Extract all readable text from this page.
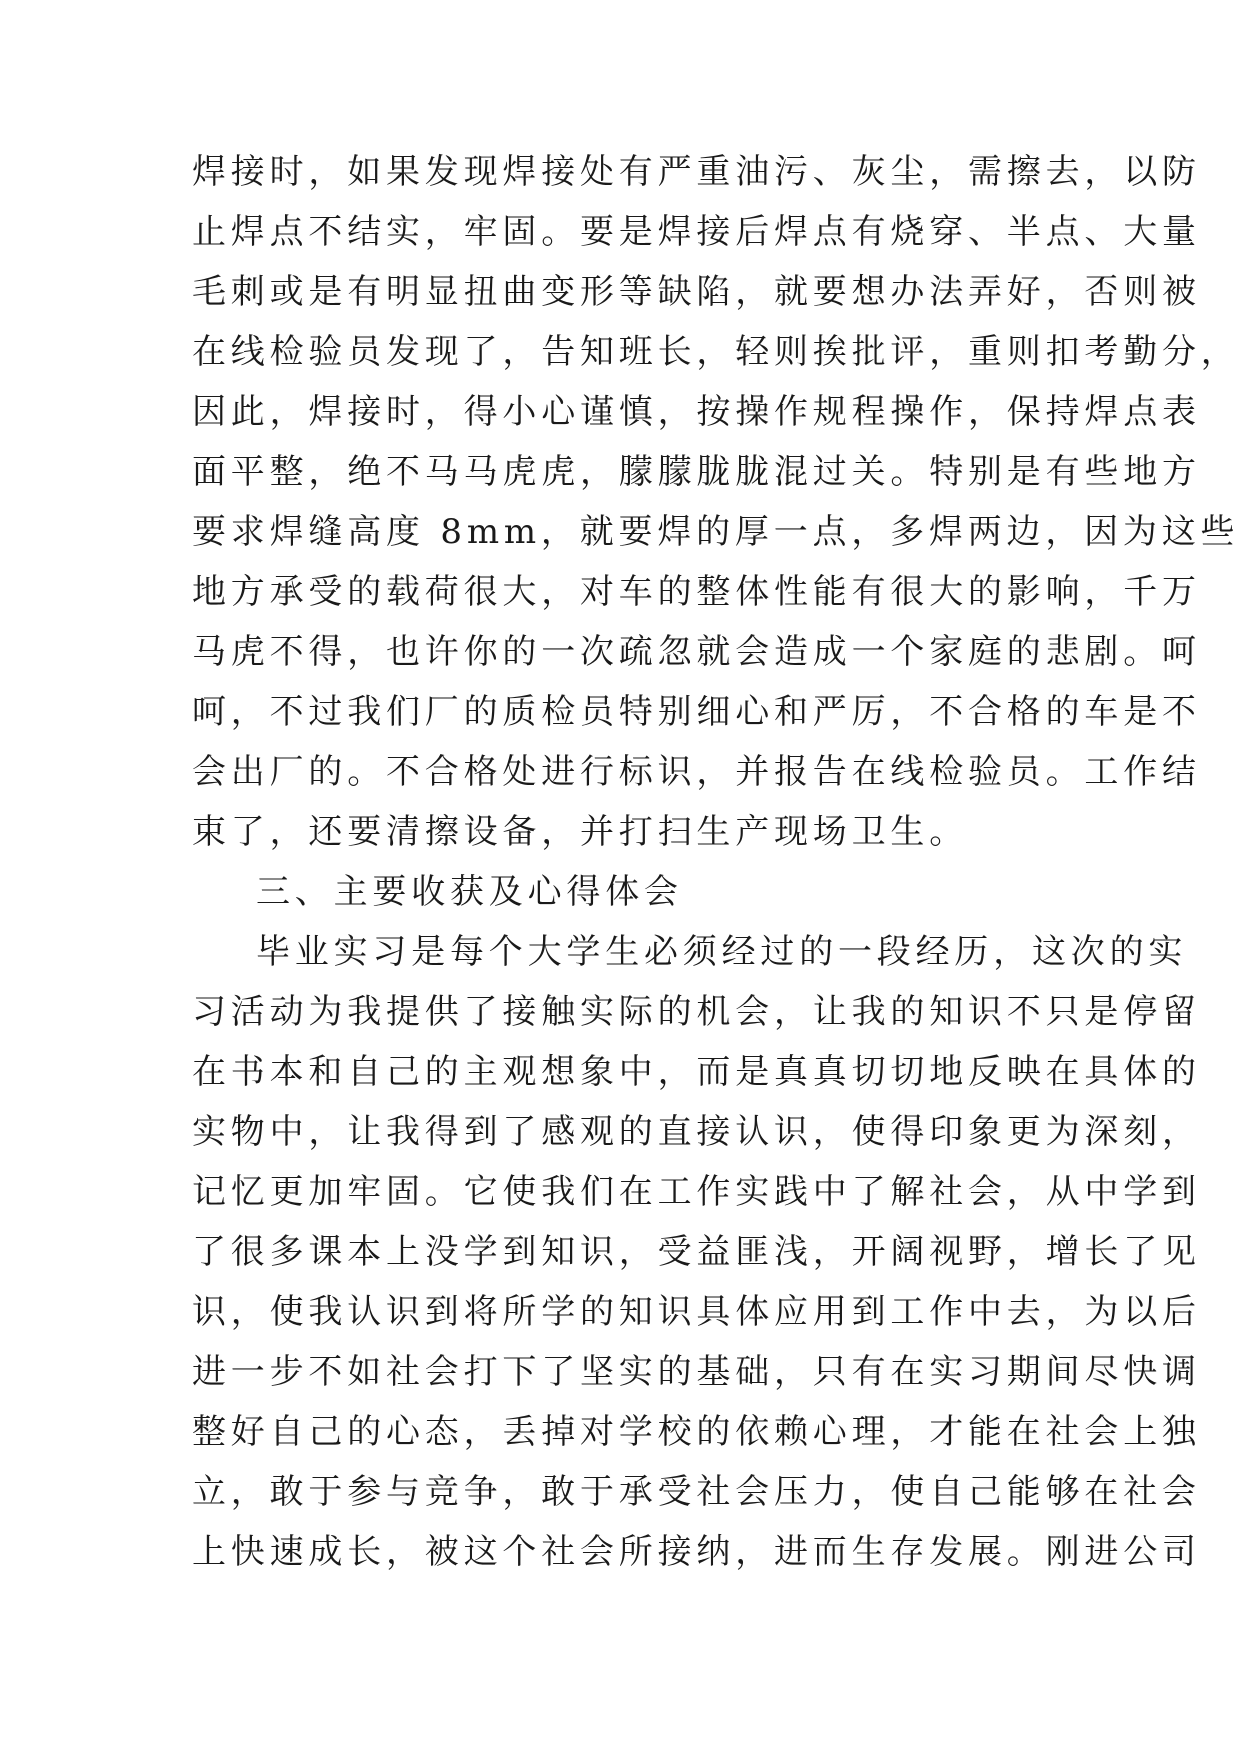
焊接时，如果发现焊接处有严重油污、灰尘，需擦去，以防
止焊点不结实，牢固。要是焊接后焊点有烧穿、半点、大量
毛刺或是有明显扭曲变形等缺陷，就要想办法弄好，否则被
在线检验员发现了，告知班长，轻则挨批评，重则扣考勤分，
因此，焊接时，得小心谨慎，按操作规程操作，保持焊点表
面平整，绝不马马虎虎，朦朦胧胧混过关。特别是有些地方
要求焊缝高度 8mm，就要焊的厚一点，多焊两边，因为这些
地方承受的载荷很大，对车的整体性能有很大的影响，千万
马虎不得，也许你的一次疏忽就会造成一个家庭的悲剧。呵
呵，不过我们厂的质检员特别细心和严厉，不合格的车是不
会出厂的。不合格处进行标识，并报告在线检验员。工作结
束了，还要清擦设备，并打扫生产现场卫生。
三、主要收获及心得体会
毕业实习是每个大学生必须经过的一段经历，这次的实
习活动为我提供了接触实际的机会，让我的知识不只是停留
在书本和自己的主观想象中，而是真真切切地反映在具体的
实物中，让我得到了感观的直接认识，使得印象更为深刻，
记忆更加牢固。它使我们在工作实践中了解社会，从中学到
了很多课本上没学到知识，受益匪浅，开阔视野，增长了见
识，使我认识到将所学的知识具体应用到工作中去，为以后
进一步不如社会打下了坚实的基础，只有在实习期间尽快调
整好自己的心态，丢掉对学校的依赖心理，才能在社会上独
立，敢于参与竞争，敢于承受社会压力，使自己能够在社会
上快速成长，被这个社会所接纳，进而生存发展。刚进公司
